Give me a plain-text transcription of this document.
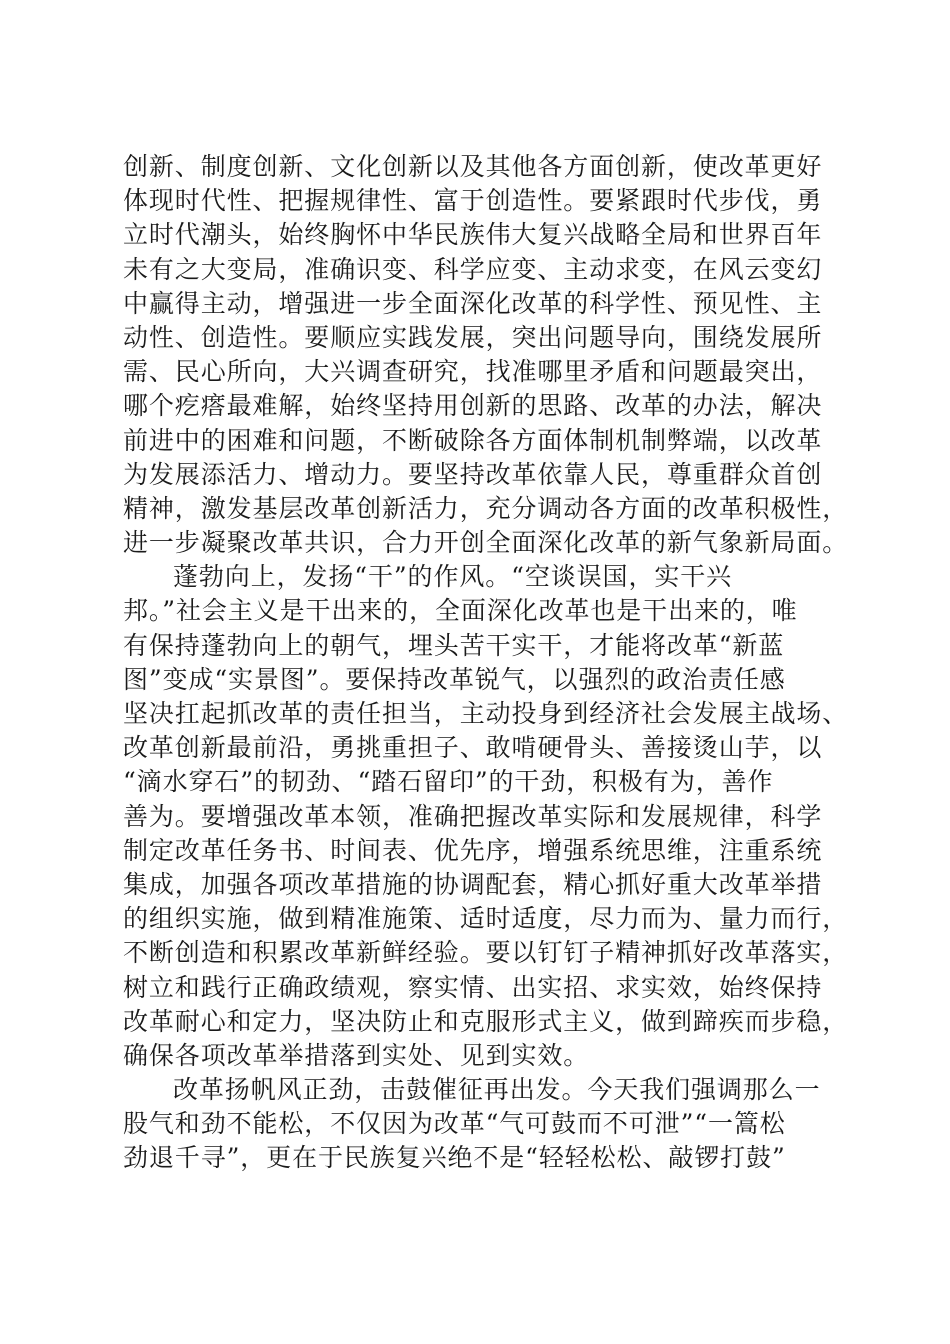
创新、制度创新、文化创新以及其他各方面创新，使改革更好
体现时代性、把握规律性、富于创造性。要紧跟时代步伐，勇
立时代潮头，始终胸怀中华民族伟大复兴战略全局和世界百年
未有之大变局，准确识变、科学应变、主动求变，在风云变幻
中赢得主动，增强进一步全面深化改革的科学性、预见性、主
动性、创造性。要顺应实践发展，突出问题导向，围绕发展所
需、民心所向，大兴调查研究，找准哪里矛盾和问题最突出，
哪个疙瘩最难解，始终坚持用创新的思路、改革的办法，解决
前进中的困难和问题，不断破除各方面体制机制弊端，以改革
为发展添活力、增动力。要坚持改革依靠人民，尊重群众首创
精神，激发基层改革创新活力，充分调动各方面的改革积极性，
进一步凝聚改革共识，合力开创全面深化改革的新气象新局面。
蓬勃向上，发扬“干”的作风。“空谈误国，实干兴
邦。”社会主义是干出来的，全面深化改革也是干出来的，唯
有保持蓬勃向上的朝气，埋头苦干实干，才能将改革“新蓝
图”变成“实景图”。要保持改革锐气，以强烈的政治责任感
坚决扛起抓改革的责任担当，主动投身到经济社会发展主战场、
改革创新最前沿，勇挑重担子、敢啃硬骨头、善接烫山芋，以
“滴水穿石”的韧劲、“踏石留印”的干劲，积极有为，善作
善为。要增强改革本领，准确把握改革实际和发展规律，科学
制定改革任务书、时间表、优先序，增强系统思维，注重系统
集成，加强各项改革措施的协调配套，精心抓好重大改革举措
的组织实施，做到精准施策、适时适度，尽力而为、量力而行，
不断创造和积累改革新鲜经验。要以钉钉子精神抓好改革落实，
树立和践行正确政绩观，察实情、出实招、求实效，始终保持
改革耐心和定力，坚决防止和克服形式主义，做到蹄疾而步稳，
确保各项改革举措落到实处、见到实效。
改革扬帆风正劲，击鼓催征再出发。今天我们强调那么一
股气和劲不能松，不仅因为改革“气可鼓而不可泄”“一篙松
劲退千寻”，更在于民族复兴绝不是“轻轻松松、敲锣打鼓”
